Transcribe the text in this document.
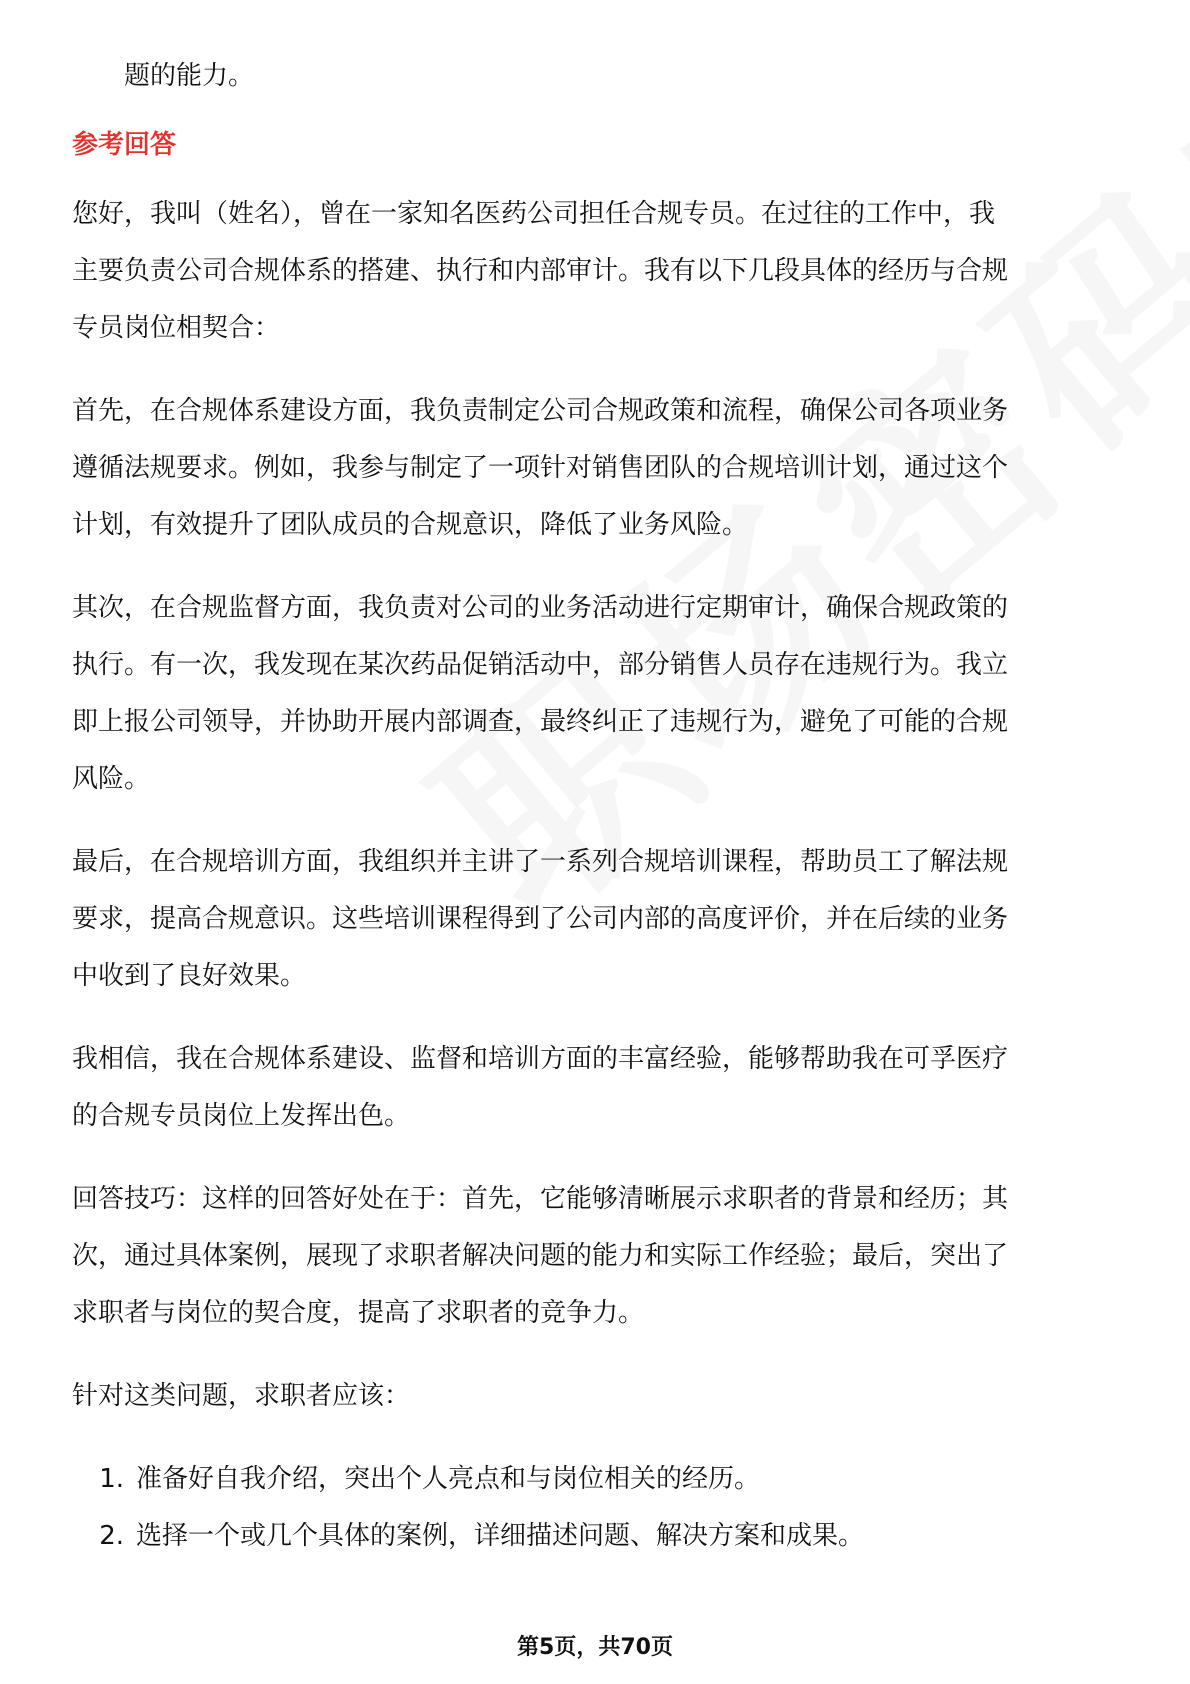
题的能力。

参考回答

您好，我叫（姓名），曾在一家知名医药公司担任合规专员。在过往的工作中，我

主要负责公司合规体系的搭建、执行和内部审计。我有以下几段具体的经历与合规

专员岗位相契合：

首先，在合规体系建设方面，我负责制定公司合规政策和流程，确保公司各项业务

遵循法规要求。例如，我参与制定了一项针对销售团队的合规培训计划，通过这个

计划，有效提升了团队成员的合规意识，降低了业务风险。

其次，在合规监督方面，我负责对公司的业务活动进行定期审计，确保合规政策的

执行。有一次，我发现在某次药品促销活动中，部分销售人员存在违规行为。我立

即上报公司领导，并协助开展内部调查，最终纠正了违规行为，避免了可能的合规

风险。

最后，在合规培训方面，我组织并主讲了一系列合规培训课程，帮助员工了解法规

要求，提高合规意识。这些培训课程得到了公司内部的高度评价，并在后续的业务

中收到了良好效果。

我相信，我在合规体系建设、监督和培训方面的丰富经验，能够帮助我在可孚医疗

的合规专员岗位上发挥出色。

回答技巧：这样的回答好处在于：首先，它能够清晰展示求职者的背景和经历；其

次，通过具体案例，展现了求职者解决问题的能力和实际工作经验；最后，突出了

求职者与岗位的契合度，提高了求职者的竞争力。

针对这类问题，求职者应该：

1. 准备好自我介绍，突出个人亮点和与岗位相关的经历。
2. 选择一个或几个具体的案例，详细描述问题、解决方案和成果。
第5页，共70页
